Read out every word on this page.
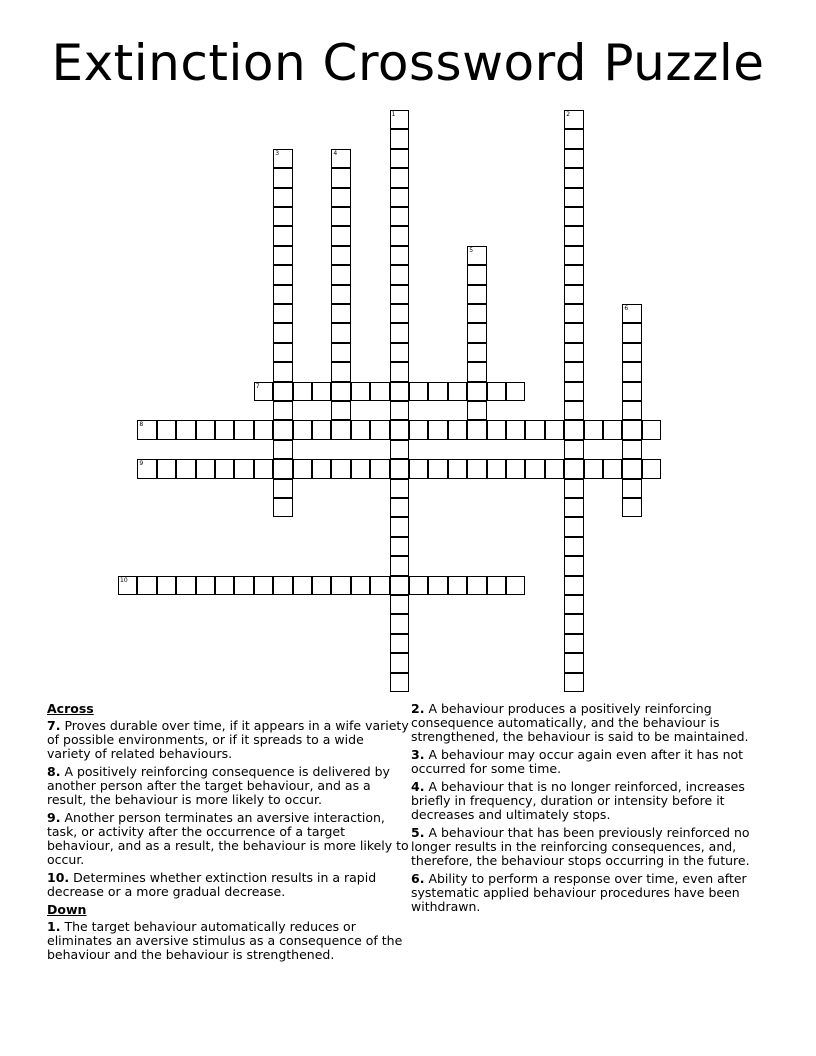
Extinction Crossword Puzzle
1	2
3	4
5
6
7
8
9
10
Across
7. Proves durable over time, if it appears in a wife variety of possible environments, or if it spreads to a wide variety of related behaviours.
8. A positively reinforcing consequence is delivered by another person after the target behaviour, and as a result, the behaviour is more likely to occur.
9. Another person terminates an aversive interaction, task, or activity after the occurrence of a target behaviour, and as a result, the behaviour is more likely to occur.
10. Determines whether extinction results in a rapid decrease or a more gradual decrease.
Down
1. The target behaviour automatically reduces or eliminates an aversive stimulus as a consequence of the behaviour and the behaviour is strengthened.
2. A behaviour produces a positively reinforcing consequence automatically, and the behaviour is strengthened, the behaviour is said to be maintained.
3. A behaviour may occur again even after it has not occurred for some time.
4. A behaviour that is no longer reinforced, increases briefly in frequency, duration or intensity before it decreases and ultimately stops.
5. A behaviour that has been previously reinforced no longer results in the reinforcing consequences, and, therefore, the behaviour stops occurring in the future.
6. Ability to perform a response over time, even after systematic applied behaviour procedures have been withdrawn.
